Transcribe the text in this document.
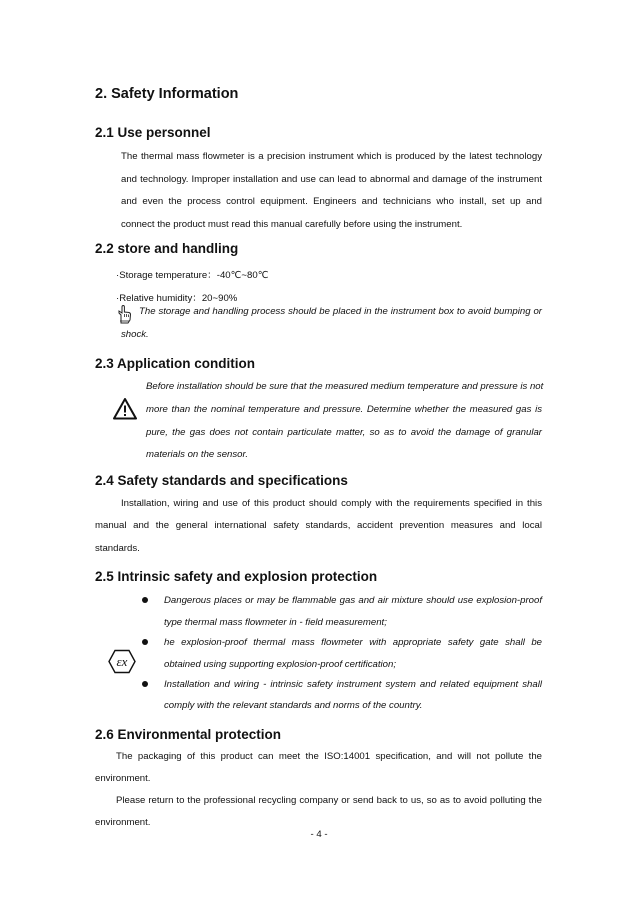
2. Safety Information
2.1 Use personnel
The thermal mass flowmeter is a precision instrument which is produced by the latest technology
and technology. Improper installation and use can lead to abnormal and damage of the instrument
and even the process control equipment. Engineers and technicians who install, set up and
connect the product must read this manual carefully before using the instrument.
2.2 store and handling
·Storage temperature：-40℃~80℃
·Relative humidity：20~90%
The storage and handling process should be placed in the instrument box to avoid bumping or
shock.
2.3 Application condition
Before installation should be sure that the measured medium temperature and pressure is not
more than the nominal temperature and pressure. Determine whether the measured gas is
pure, the gas does not contain particulate matter, so as to avoid the damage of granular
materials on the sensor.
2.4 Safety standards and specifications
Installation, wiring and use of this product should comply with the requirements specified in this
manual and the general international safety standards, accident prevention measures and local
standards.
2.5 Intrinsic safety and explosion protection
Dangerous places or may be flammable gas and air mixture should use explosion-proof
type thermal mass flowmeter in - field measurement;
he explosion-proof thermal mass flowmeter with appropriate safety gate shall be
obtained using supporting explosion-proof certification;
Installation and wiring - intrinsic safety instrument system and related equipment shall
comply with the relevant standards and norms of the country.
εx
2.6 Environmental protection
The packaging of this product can meet the ISO:14001 specification, and will not pollute the
environment.
Please return to the professional recycling company or send back to us, so as to avoid polluting the
environment.
- 4 -
